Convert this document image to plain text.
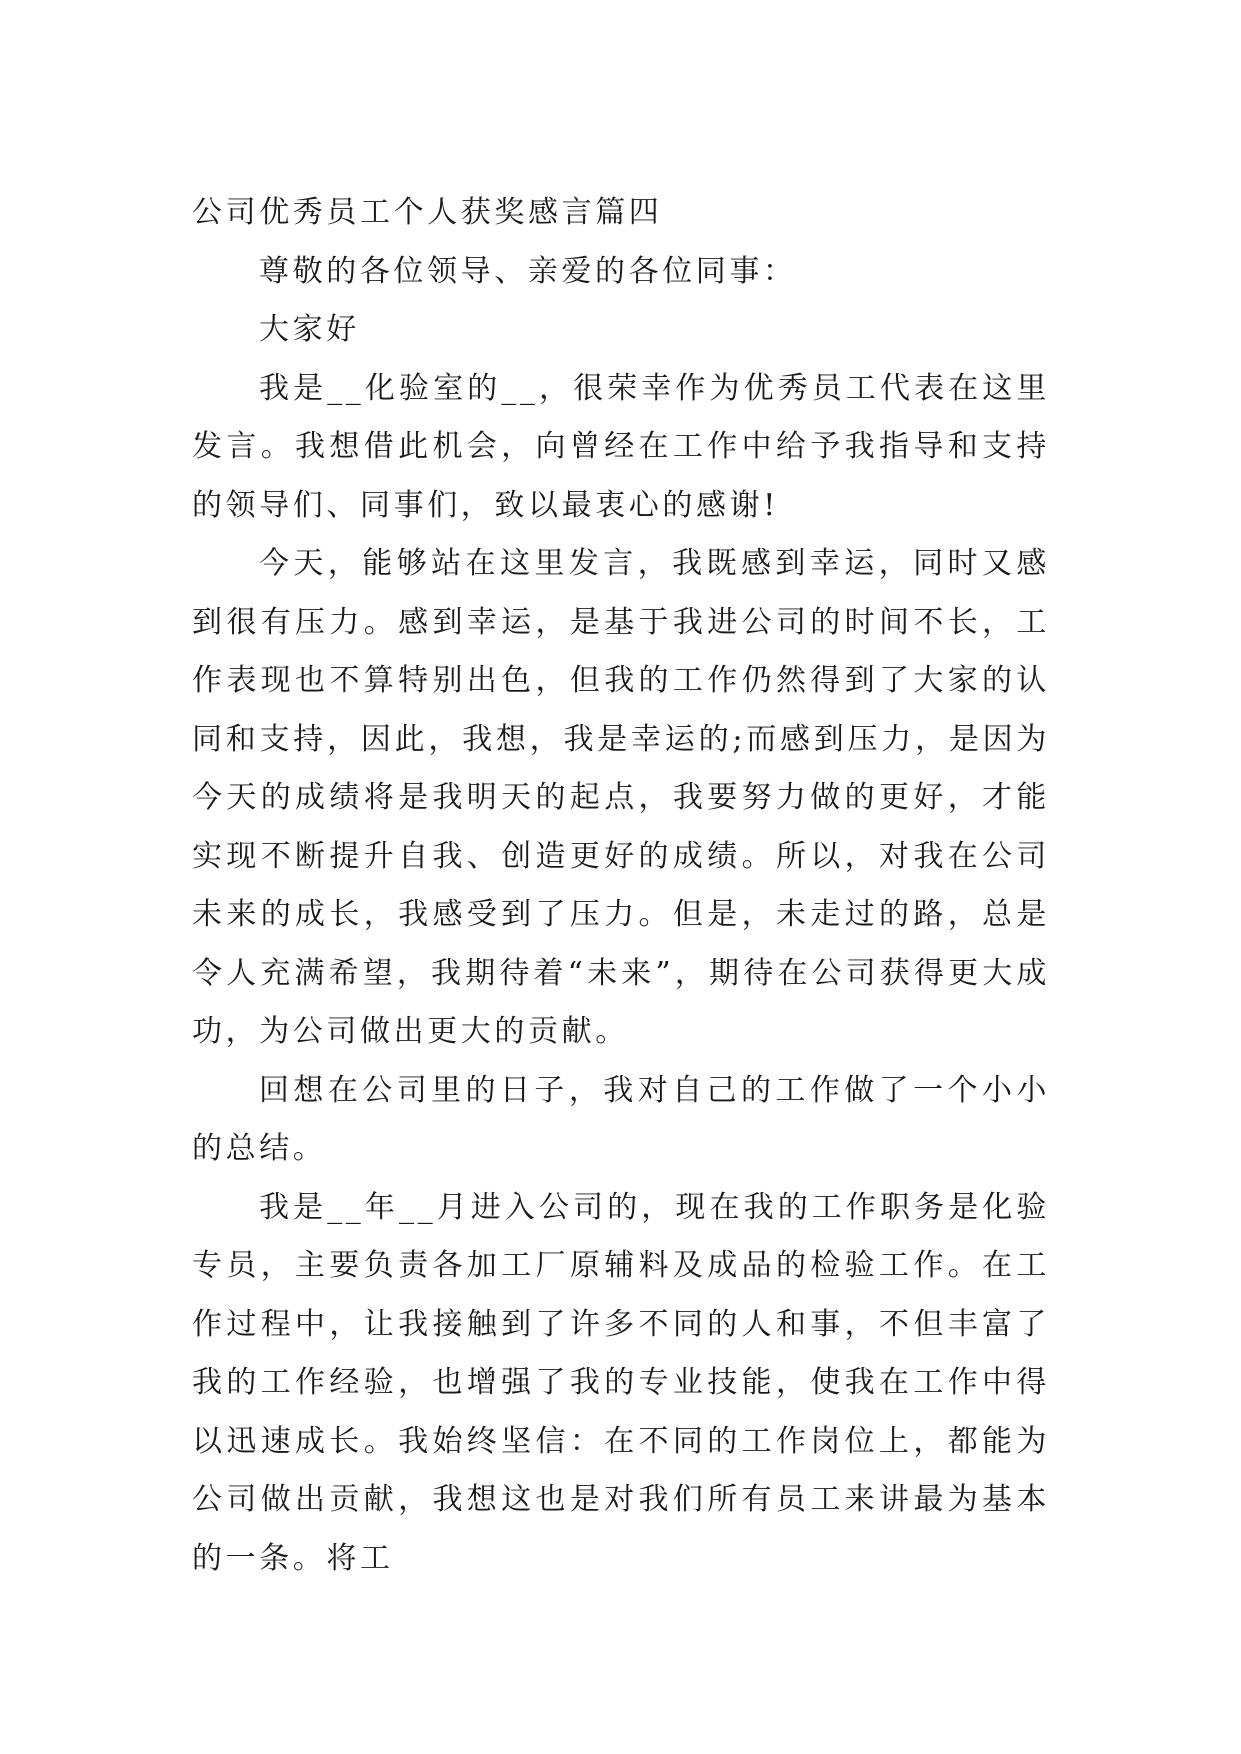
公司优秀员工个人获奖感言篇四

尊敬的各位领导、亲爱的各位同事：

大家好

我是__化验室的__，很荣幸作为优秀员工代表在这里发言。我想借此机会，向曾经在工作中给予我指导和支持的领导们、同事们，致以最衷心的感谢!

今天，能够站在这里发言，我既感到幸运，同时又感到很有压力。感到幸运，是基于我进公司的时间不长，工作表现也不算特别出色，但我的工作仍然得到了大家的认同和支持，因此，我想，我是幸运的;而感到压力，是因为今天的成绩将是我明天的起点，我要努力做的更好，才能实现不断提升自我、创造更好的成绩。所以，对我在公司未来的成长，我感受到了压力。但是，未走过的路，总是令人充满希望，我期待着“未来”，期待在公司获得更大成功，为公司做出更大的贡献。

回想在公司里的日子，我对自己的工作做了一个小小的总结。

我是__年__月进入公司的，现在我的工作职务是化验专员，主要负责各加工厂原辅料及成品的检验工作。在工作过程中，让我接触到了许多不同的人和事，不但丰富了我的工作经验，也增强了我的专业技能，使我在工作中得以迅速成长。我始终坚信：在不同的工作岗位上，都能为公司做出贡献，我想这也是对我们所有员工来讲最为基本的一条。将工
